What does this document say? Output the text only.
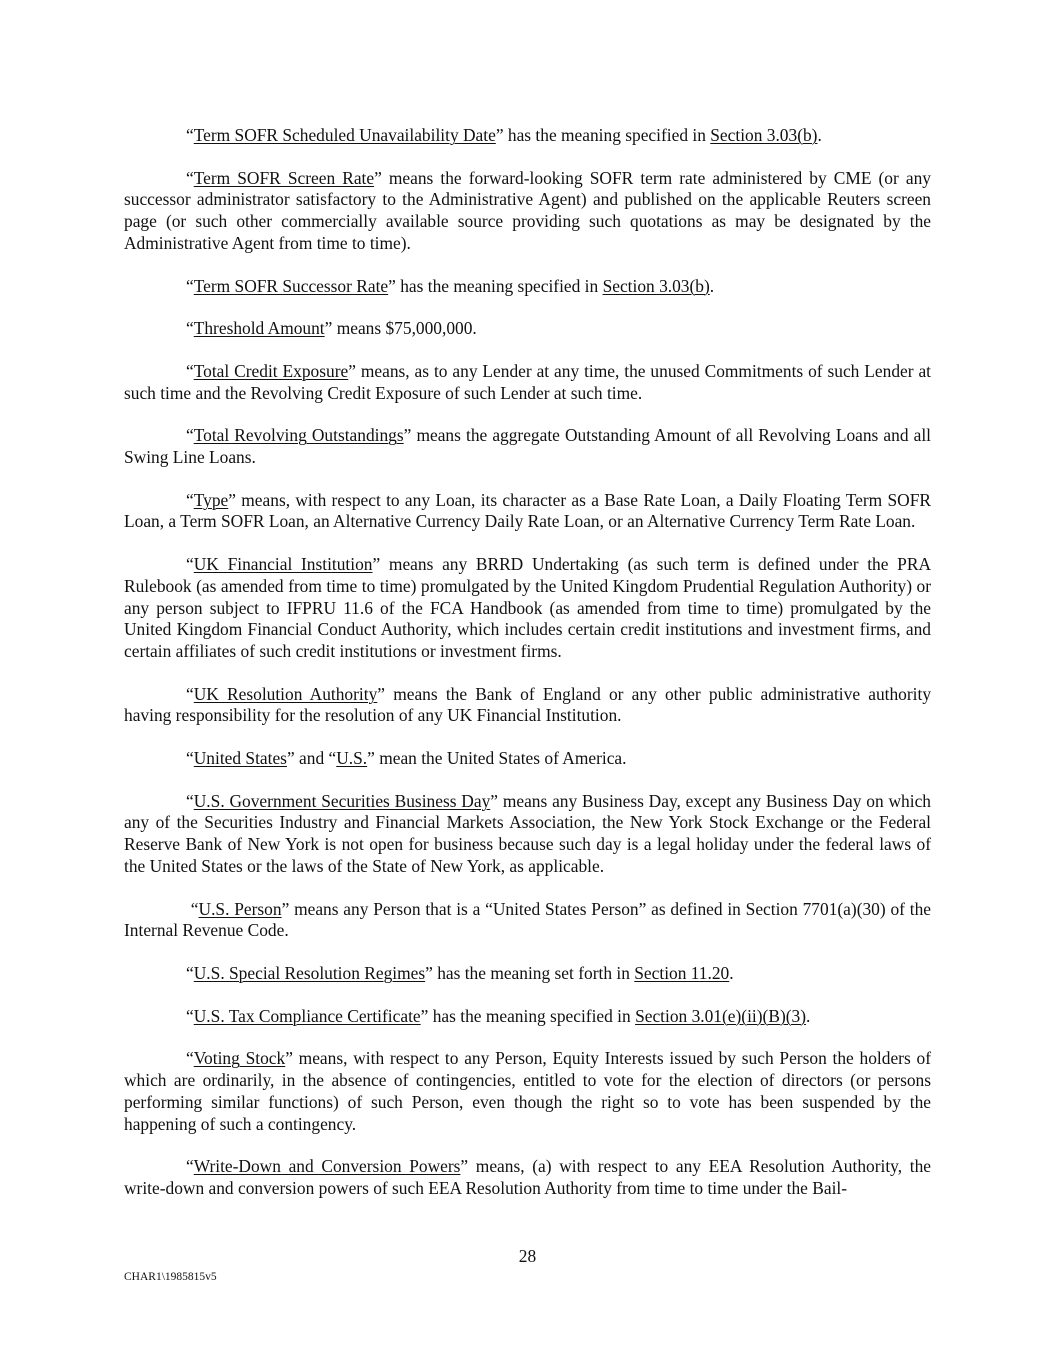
“Term SOFR Scheduled Unavailability Date” has the meaning specified in Section 3.03(b).

“Term SOFR Screen Rate” means the forward-looking SOFR term rate administered by CME (or any successor administrator satisfactory to the Administrative Agent) and published on the applicable Reuters screen page (or such other commercially available source providing such quotations as may be designated by the Administrative Agent from time to time).

“Term SOFR Successor Rate” has the meaning specified in Section 3.03(b).

“Threshold Amount” means $75,000,000.

“Total Credit Exposure” means, as to any Lender at any time, the unused Commitments of such Lender at such time and the Revolving Credit Exposure of such Lender at such time.

“Total Revolving Outstandings” means the aggregate Outstanding Amount of all Revolving Loans and all Swing Line Loans.

“Type” means, with respect to any Loan, its character as a Base Rate Loan, a Daily Floating Term SOFR Loan, a Term SOFR Loan, an Alternative Currency Daily Rate Loan, or an Alternative Currency Term Rate Loan.

“UK Financial Institution” means any BRRD Undertaking (as such term is defined under the PRA Rulebook (as amended from time to time) promulgated by the United Kingdom Prudential Regulation Authority) or any person subject to IFPRU 11.6 of the FCA Handbook (as amended from time to time) promulgated by the United Kingdom Financial Conduct Authority, which includes certain credit institutions and investment firms, and certain affiliates of such credit institutions or investment firms.

“UK Resolution Authority” means the Bank of England or any other public administrative authority having responsibility for the resolution of any UK Financial Institution.

“United States” and “U.S.” mean the United States of America.

“U.S. Government Securities Business Day” means any Business Day, except any Business Day on which any of the Securities Industry and Financial Markets Association, the New York Stock Exchange or the Federal Reserve Bank of New York is not open for business because such day is a legal holiday under the federal laws of the United States or the laws of the State of New York, as applicable.

“U.S. Person” means any Person that is a “United States Person” as defined in Section 7701(a)(30) of the Internal Revenue Code.

“U.S. Special Resolution Regimes” has the meaning set forth in Section 11.20.

“U.S. Tax Compliance Certificate” has the meaning specified in Section 3.01(e)(ii)(B)(3).

“Voting Stock” means, with respect to any Person, Equity Interests issued by such Person the holders of which are ordinarily, in the absence of contingencies, entitled to vote for the election of directors (or persons performing similar functions) of such Person, even though the right so to vote has been suspended by the happening of such a contingency.

“Write-Down and Conversion Powers” means, (a) with respect to any EEA Resolution Authority, the write-down and conversion powers of such EEA Resolution Authority from time to time under the Bail-

28
CHAR1\1985815v5
